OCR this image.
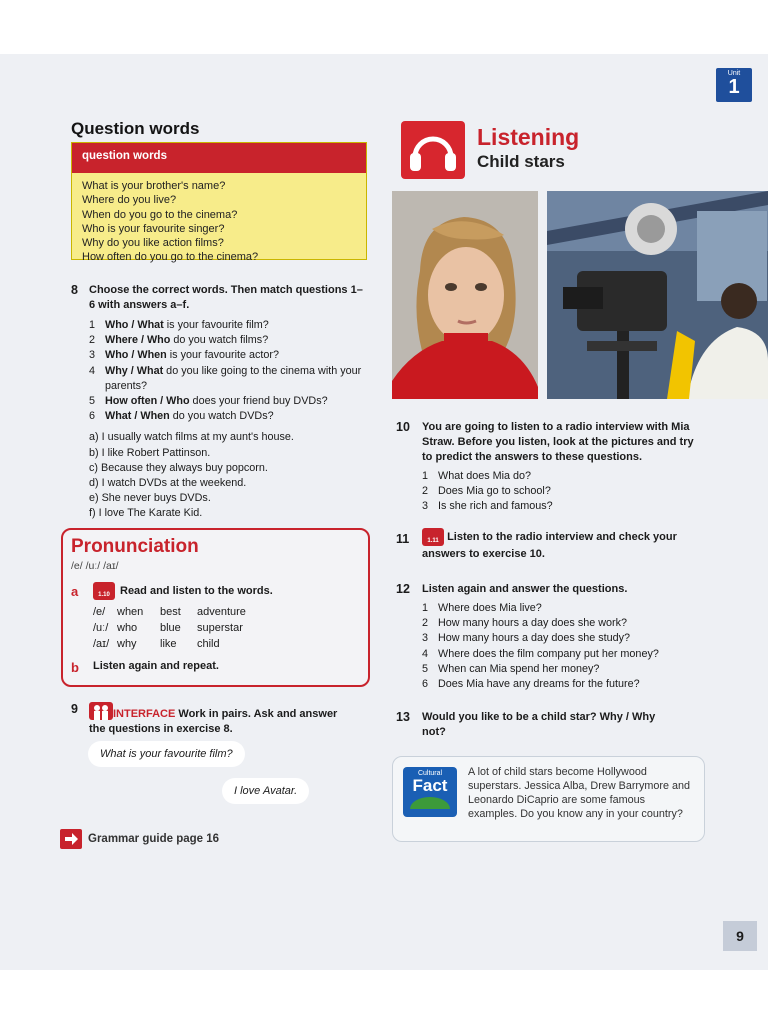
Unit
1
Question words
question words
What is your brother's name?
Where do you live?
When do you go to the cinema?
Who is your favourite singer?
Why do you like action films?
How often do you go to the cinema?
8	Choose the correct words. Then match questions 1–6 with answers a–f.
1 Who / What is your favourite film?
2 Where / Who do you watch films?
3 Who / When is your favourite actor?
4 Why / What do you like going to the cinema with your parents?
5 How often / Who does your friend buy DVDs?
6 What / When do you watch DVDs?
a) I usually watch films at my aunt's house.
b) I like Robert Pattinson.
c) Because they always buy popcorn.
d) I watch DVDs at the weekend.
e) She never buys DVDs.
f) I love The Karate Kid.
Pronunciation
/e/ /uː/ /aɪ/
a	1.10 Read and listen to the words.
/e/	when	best	adventure
/uː/ who	blue	superstar
/aɪ/ why	like	child
b	Listen again and repeat.
9	INTERFACE Work in pairs. Ask and answer
the questions in exercise 8.
What is your favourite film?
I love Avatar.
Grammar guide page 16
Listening
Child stars
10	You are going to listen to a radio interview with Mia Straw. Before you listen, look at the pictures and try to predict the answers to these questions.
1 What does Mia do?
2 Does Mia go to school?
3 Is she rich and famous?
11	1.11 Listen to the radio interview and check your answers to exercise 10.
12	Listen again and answer the questions.
1 Where does Mia live?
2 How many hours a day does she work?
3 How many hours a day does she study?
4 Where does the film company put her money?
5 When can Mia spend her money?
6 Does Mia have any dreams for the future?
13	Would you like to be a child star? Why / Why not?
Cultural
Fact
A lot of child stars become Hollywood superstars. Jessica Alba, Drew Barrymore and Leonardo DiCaprio are some famous examples. Do you know any in your country?
9
